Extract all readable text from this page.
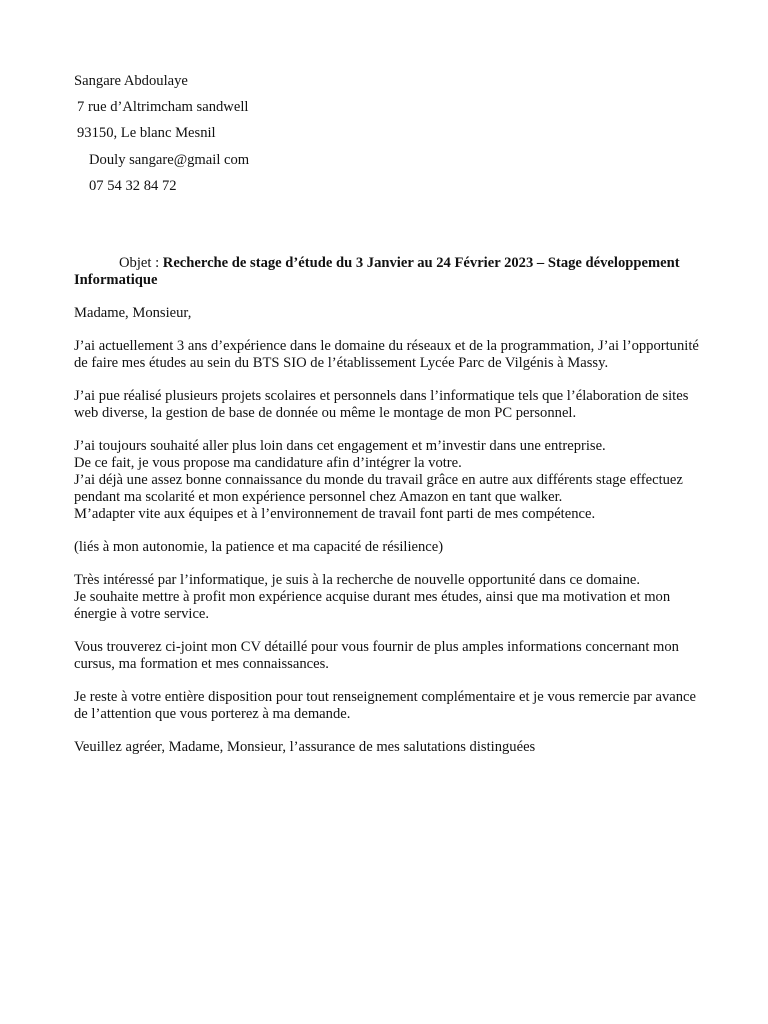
Sangare Abdoulaye
7 rue d’Altrimcham sandwell
93150, Le blanc Mesnil
Douly sangare@gmail com
07 54 32 84 72
Objet : Recherche de stage d’étude du 3 Janvier au 24 Février 2023 – Stage développement Informatique

Madame, Monsieur,

J’ai actuellement 3 ans d’expérience dans le domaine du réseaux et de la programmation, J’ai l’opportunité de faire mes études au sein du BTS SIO de l’établissement Lycée Parc de Vilgénis à Massy.

J’ai pue réalisé plusieurs projets scolaires et personnels dans l’informatique tels que l’élaboration de sites web diverse, la gestion de base de donnée ou même le montage de mon PC personnel.

J’ai toujours souhaité aller plus loin dans cet engagement et m’investir dans une entreprise.
De ce fait, je vous propose ma candidature afin d’intégrer la votre.
J’ai déjà une assez bonne connaissance du monde du travail grâce en autre aux différents stage effectuez pendant ma scolarité et mon expérience personnel chez Amazon en tant que walker.
M’adapter vite aux équipes et à l’environnement de travail font parti de mes compétence.

(liés à mon autonomie, la patience et ma capacité de résilience)

Très intéressé par l’informatique, je suis à la recherche de nouvelle opportunité dans ce domaine.
Je souhaite mettre à profit mon expérience acquise durant mes études, ainsi que ma motivation et mon énergie à votre service.

Vous trouverez ci-joint mon CV détaillé pour vous fournir de plus amples informations concernant mon cursus, ma formation et mes connaissances.

Je reste à votre entière disposition pour tout renseignement complémentaire et je vous remercie par avance de l’attention que vous porterez à ma demande.

Veuillez agréer, Madame, Monsieur, l’assurance de mes salutations distinguées
